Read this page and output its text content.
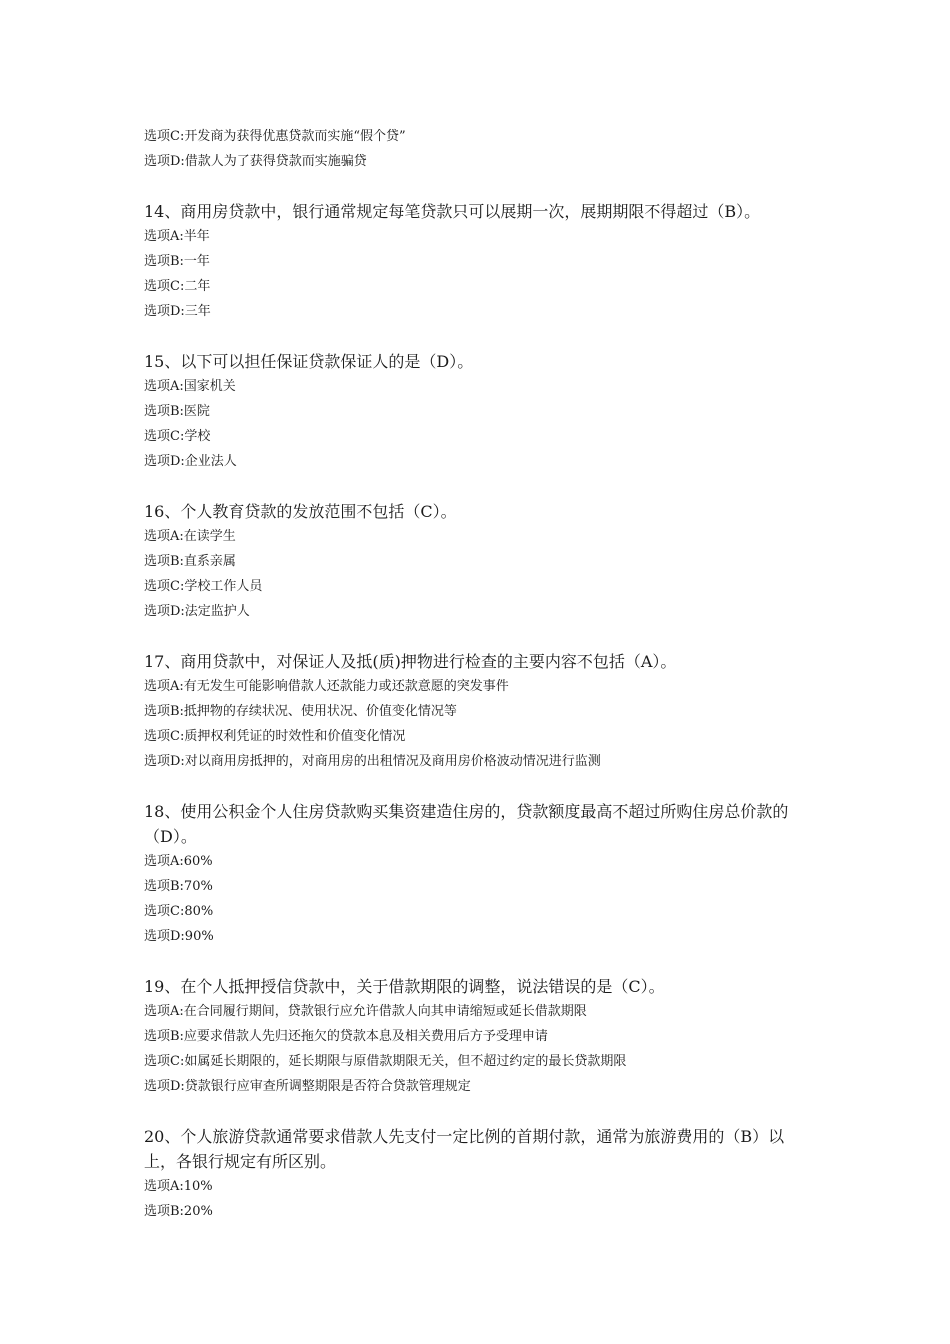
选项C:开发商为获得优惠贷款而实施“假个贷”

选项D:借款人为了获得贷款而实施骗贷

14、商用房贷款中，银行通常规定每笔贷款只可以展期一次，展期期限不得超过（B）。

选项A:半年

选项B:一年

选项C:二年

选项D:三年

15、以下可以担任保证贷款保证人的是（D）。

选项A:国家机关

选项B:医院

选项C:学校

选项D:企业法人

16、个人教育贷款的发放范围不包括（C）。

选项A:在读学生

选项B:直系亲属

选项C:学校工作人员

选项D:法定监护人

17、商用贷款中，对保证人及抵(质)押物进行检查的主要内容不包括（A）。

选项A:有无发生可能影响借款人还款能力或还款意愿的突发事件

选项B:抵押物的存续状况、使用状况、价值变化情况等

选项C:质押权利凭证的时效性和价值变化情况

选项D:对以商用房抵押的，对商用房的出租情况及商用房价格波动情况进行监测

18、使用公积金个人住房贷款购买集资建造住房的，贷款额度最高不超过所购住房总价款的（D）。

选项A:60%

选项B:70%

选项C:80%

选项D:90%

19、在个人抵押授信贷款中，关于借款期限的调整，说法错误的是（C）。

选项A:在合同履行期间，贷款银行应允许借款人向其申请缩短或延长借款期限

选项B:应要求借款人先归还拖欠的贷款本息及相关费用后方予受理申请

选项C:如属延长期限的，延长期限与原借款期限无关，但不超过约定的最长贷款期限

选项D:贷款银行应审查所调整期限是否符合贷款管理规定

20、个人旅游贷款通常要求借款人先支付一定比例的首期付款，通常为旅游费用的（B）以上，各银行规定有所区别。

选项A:10%

选项B:20%
